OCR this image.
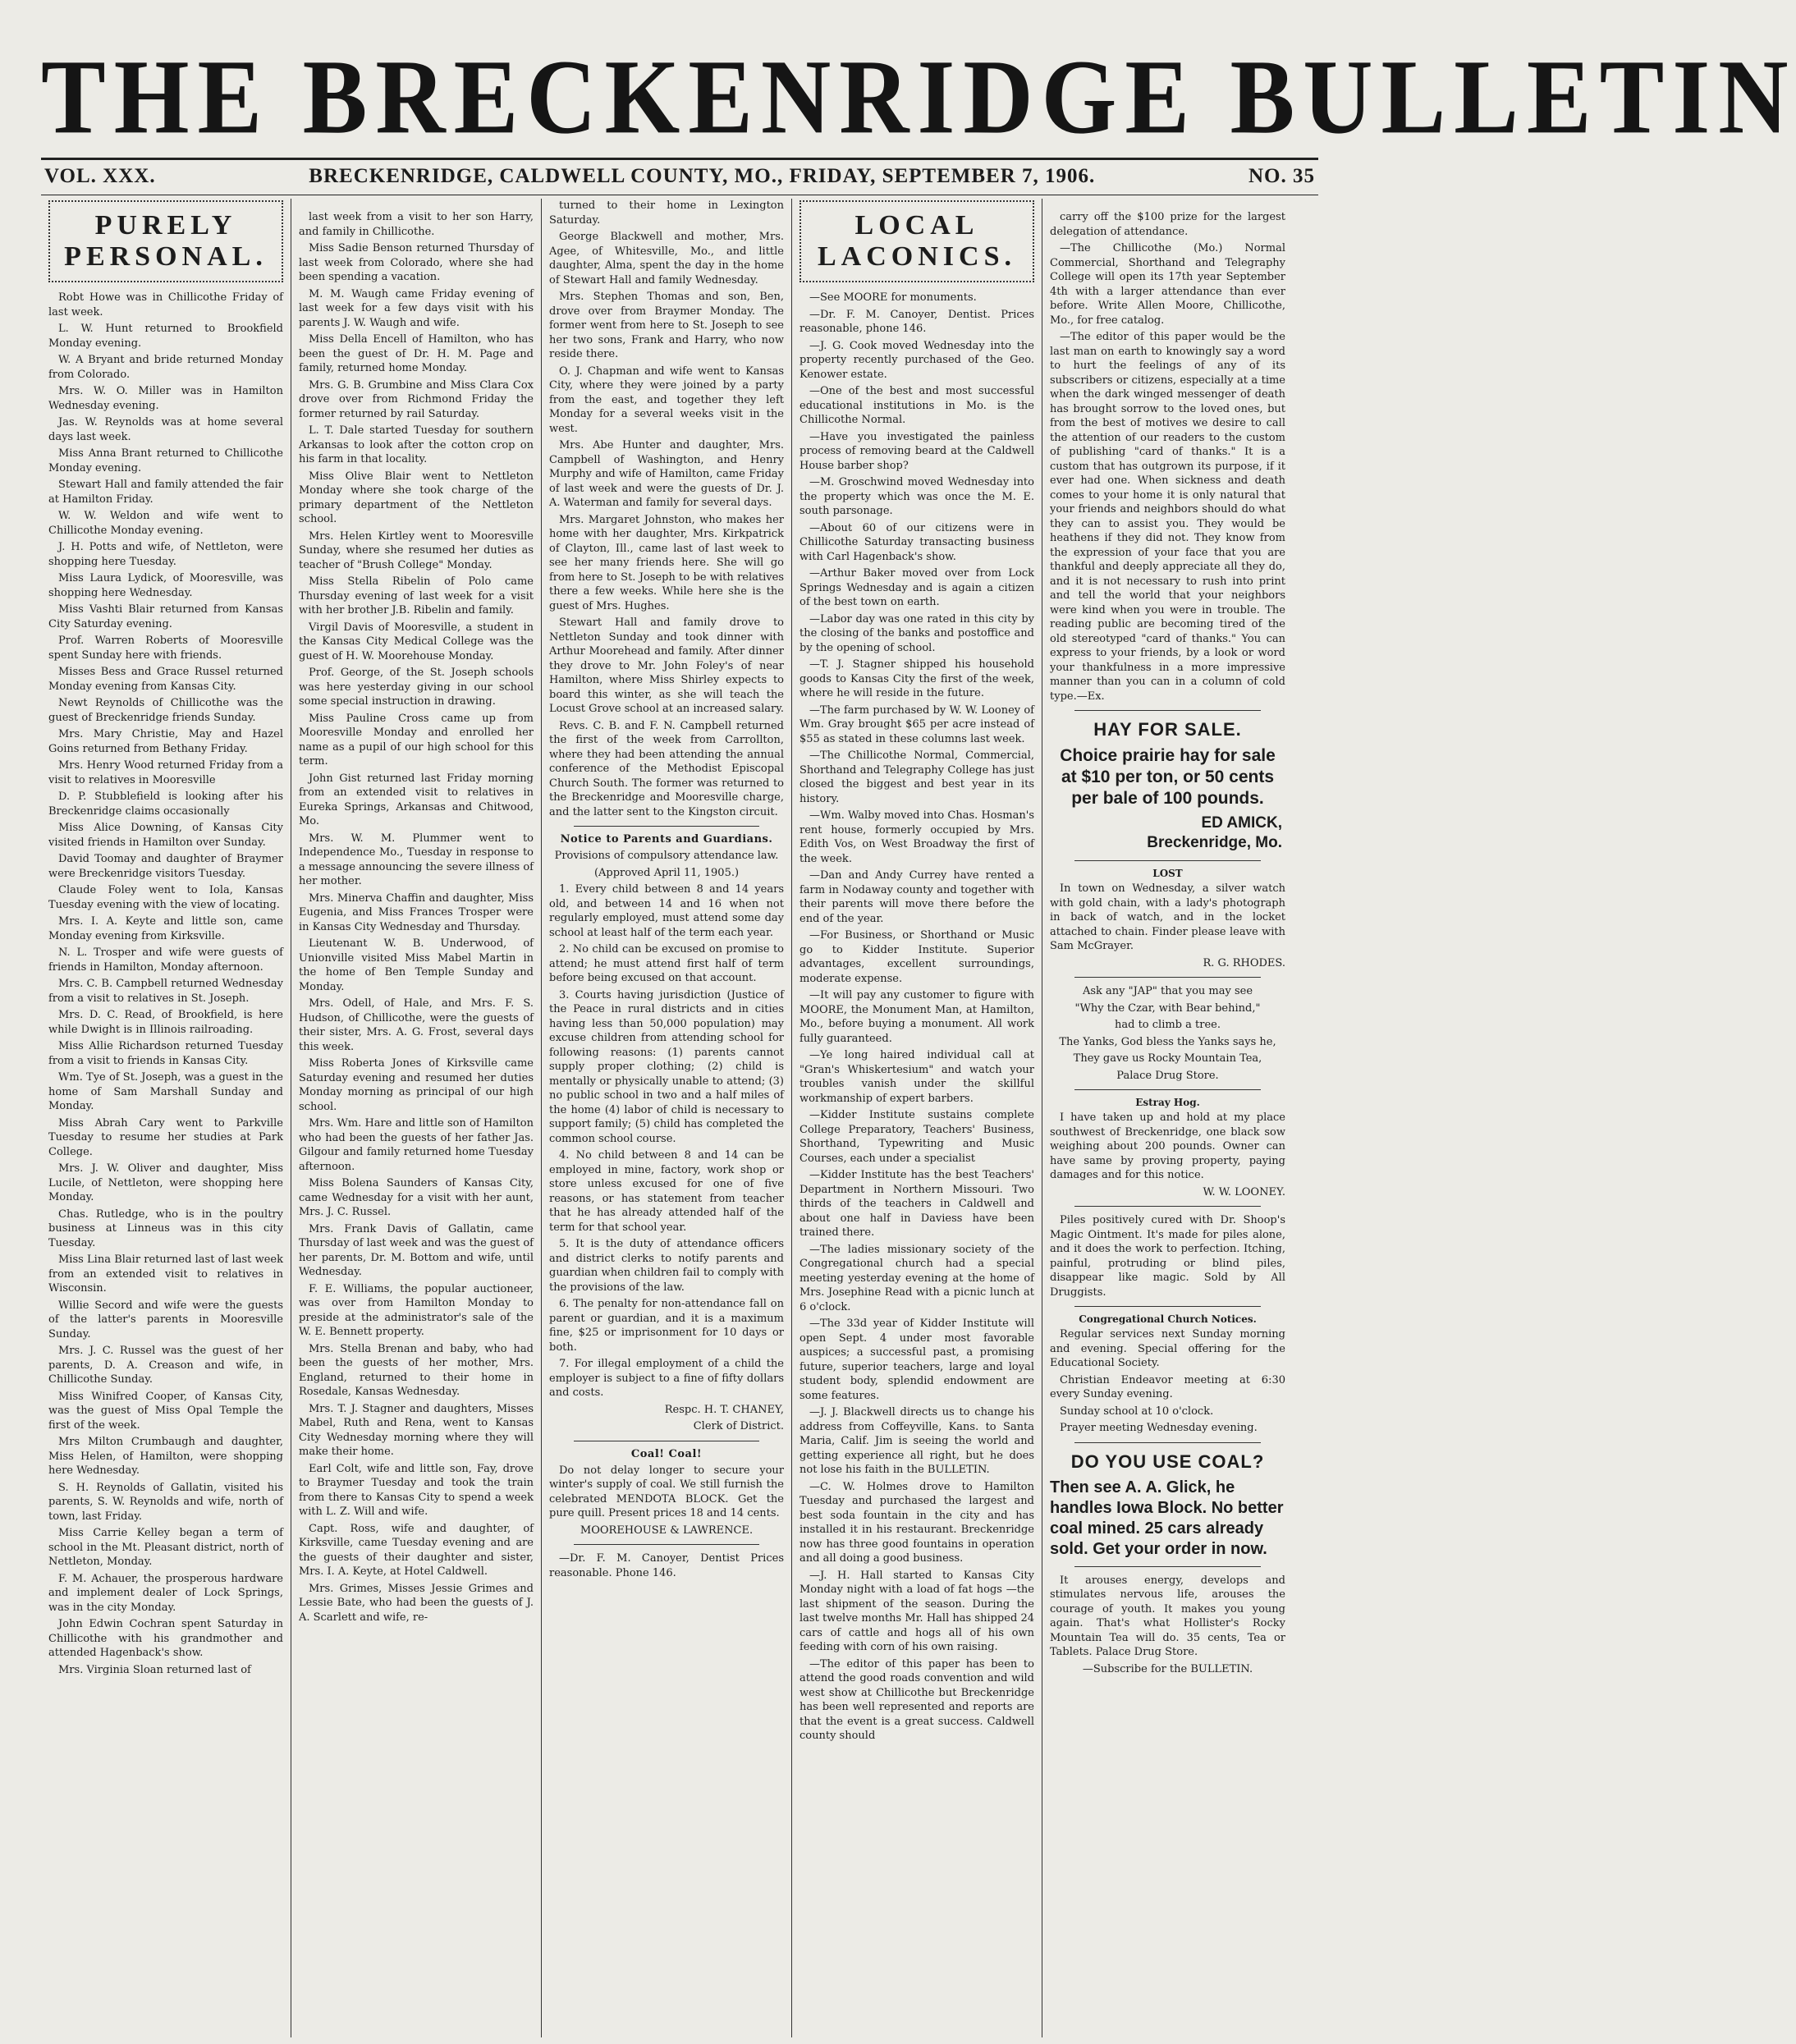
THE BRECKENRIDGE BULLETIN
VOL. XXX.	BRECKENRIDGE, CALDWELL COUNTY, MO., FRIDAY, SEPTEMBER 7, 1906.	NO. 35
PURELY PERSONAL.

Robt Howe was in Chillicothe Friday of last week.

L. W. Hunt returned to Brookfield Monday evening.

W. A Bryant and bride returned Monday from Colorado.

Mrs. W. O. Miller was in Hamilton Wednesday evening.

Jas. W. Reynolds was at home several days last week.

Miss Anna Brant returned to Chillicothe Monday evening.

Stewart Hall and family attended the fair at Hamilton Friday.

W. W. Weldon and wife went to Chillicothe Monday evening.

J. H. Potts and wife, of Nettleton, were shopping here Tuesday.

Miss Laura Lydick, of Mooresville, was shopping here Wednesday.

Miss Vashti Blair returned from Kansas City Saturday evening.

Prof. Warren Roberts of Mooresville spent Sunday here with friends.

Misses Bess and Grace Russel returned Monday evening from Kansas City.

Newt Reynolds of Chillicothe was the guest of Breckenridge friends Sunday.

Mrs. Mary Christie, May and Hazel Goins returned from Bethany Friday.

Mrs. Henry Wood returned Friday from a visit to relatives in Mooresville

D. P. Stubblefield is looking after his Breckenridge claims occasionally

Miss Alice Downing, of Kansas City visited friends in Hamilton over Sunday.

David Toomay and daughter of Braymer were Breckenridge visitors Tuesday.

Claude Foley went to Iola, Kansas Tuesday evening with the view of locating.

Mrs. I. A. Keyte and little son, came Monday evening from Kirksville.

N. L. Trosper and wife were guests of friends in Hamilton, Monday afternoon.

Mrs. C. B. Campbell returned Wednesday from a visit to relatives in St. Joseph.

Mrs. D. C. Read, of Brookfield, is here while Dwight is in Illinois railroading.

Miss Allie Richardson returned Tuesday from a visit to friends in Kansas City.

Wm. Tye of St. Joseph, was a guest in the home of Sam Marshall Sunday and Monday.

Miss Abrah Cary went to Parkville Tuesday to resume her studies at Park College.

Mrs. J. W. Oliver and daughter, Miss Lucile, of Nettleton, were shopping here Monday.

Chas. Rutledge, who is in the poultry business at Linneus was in this city Tuesday.

Miss Lina Blair returned last of last week from an extended visit to relatives in Wisconsin.

Willie Secord and wife were the guests of the latter's parents in Mooresville Sunday.

Mrs. J. C. Russel was the guest of her parents, D. A. Creason and wife, in Chillicothe Sunday.

Miss Winifred Cooper, of Kansas City, was the guest of Miss Opal Temple the first of the week.

Mrs Milton Crumbaugh and daughter, Miss Helen, of Hamilton, were shopping here Wednesday.

S. H. Reynolds of Gallatin, visited his parents, S. W. Reynolds and wife, north of town, last Friday.

Miss Carrie Kelley began a term of school in the Mt. Pleasant district, north of Nettleton, Monday.

F. M. Achauer, the prosperous hardware and implement dealer of Lock Springs, was in the city Monday.

John Edwin Cochran spent Saturday in Chillicothe with his grandmother and attended Hagenback's show.

Mrs. Virginia Sloan returned last of

last week from a visit to her son Harry, and family in Chillicothe.

Miss Sadie Benson returned Thursday of last week from Colorado, where she had been spending a vacation.

M. M. Waugh came Friday evening of last week for a few days visit with his parents J. W. Waugh and wife.

Miss Della Encell of Hamilton, who has been the guest of Dr. H. M. Page and family, returned home Monday.

Mrs. G. B. Grumbine and Miss Clara Cox drove over from Richmond Friday the former returned by rail Saturday.

L. T. Dale started Tuesday for southern Arkansas to look after the cotton crop on his farm in that locality.

Miss Olive Blair went to Nettleton Monday where she took charge of the primary department of the Nettleton school.

Mrs. Helen Kirtley went to Mooresville Sunday, where she resumed her duties as teacher of "Brush College" Monday.

Miss Stella Ribelin of Polo came Thursday evening of last week for a visit with her brother J.B. Ribelin and family.

Virgil Davis of Mooresville, a student in the Kansas City Medical College was the guest of H. W. Moorehouse Monday.

Prof. George, of the St. Joseph schools was here yesterday giving in our school some special instruction in drawing.

Miss Pauline Cross came up from Mooresville Monday and enrolled her name as a pupil of our high school for this term.

John Gist returned last Friday morning from an extended visit to relatives in Eureka Springs, Arkansas and Chitwood, Mo.

Mrs. W. M. Plummer went to Independence Mo., Tuesday in response to a message announcing the severe illness of her mother.

Mrs. Minerva Chaffin and daughter, Miss Eugenia, and Miss Frances Trosper were in Kansas City Wednesday and Thursday.

Lieutenant W. B. Underwood, of Unionville visited Miss Mabel Martin in the home of Ben Temple Sunday and Monday.

Mrs. Odell, of Hale, and Mrs. F. S. Hudson, of Chillicothe, were the guests of their sister, Mrs. A. G. Frost, several days this week.

Miss Roberta Jones of Kirksville came Saturday evening and resumed her duties Monday morning as principal of our high school.

Mrs. Wm. Hare and little son of Hamilton who had been the guests of her father Jas. Gilgour and family returned home Tuesday afternoon.

Miss Bolena Saunders of Kansas City, came Wednesday for a visit with her aunt, Mrs. J. C. Russel.

Mrs. Frank Davis of Gallatin, came Thursday of last week and was the guest of her parents, Dr. M. Bottom and wife, until Wednesday.

F. E. Williams, the popular auctioneer, was over from Hamilton Monday to preside at the administrator's sale of the W. E. Bennett property.

Mrs. Stella Brenan and baby, who had been the guests of her mother, Mrs. England, returned to their home in Rosedale, Kansas Wednesday.

Mrs. T. J. Stagner and daughters, Misses Mabel, Ruth and Rena, went to Kansas City Wednesday morning where they will make their home.

Earl Colt, wife and little son, Fay, drove to Braymer Tuesday and took the train from there to Kansas City to spend a week with L. Z. Will and wife.

Capt. Ross, wife and daughter, of Kirksville, came Tuesday evening and are the guests of their daughter and sister, Mrs. I. A. Keyte, at Hotel Caldwell.

Mrs. Grimes, Misses Jessie Grimes and Lessie Bate, who had been the guests of J. A. Scarlett and wife, re-

turned to their home in Lexington Saturday.

George Blackwell and mother, Mrs. Agee, of Whitesville, Mo., and little daughter, Alma, spent the day in the home of Stewart Hall and family Wednesday.

Mrs. Stephen Thomas and son, Ben, drove over from Braymer Monday. The former went from here to St. Joseph to see her two sons, Frank and Harry, who now reside there.

O. J. Chapman and wife went to Kansas City, where they were joined by a party from the east, and together they left Monday for a several weeks visit in the west.

Mrs. Abe Hunter and daughter, Mrs. Campbell of Washington, and Henry Murphy and wife of Hamilton, came Friday of last week and were the guests of Dr. J. A. Waterman and family for several days.

Mrs. Margaret Johnston, who makes her home with her daughter, Mrs. Kirkpatrick of Clayton, Ill., came last of last week to see her many friends here. She will go from here to St. Joseph to be with relatives there a few weeks. While here she is the guest of Mrs. Hughes.

Stewart Hall and family drove to Nettleton Sunday and took dinner with Arthur Moorehead and family. After dinner they drove to Mr. John Foley's of near Hamilton, where Miss Shirley expects to board this winter, as she will teach the Locust Grove school at an increased salary.

Revs. C. B. and F. N. Campbell returned the first of the week from Carrollton, where they had been attending the annual conference of the Methodist Episcopal Church South. The former was returned to the Breckenridge and Mooresville charge, and the latter sent to the Kingston circuit.

Notice to Parents and Guardians.

Provisions of compulsory attendance law.

(Approved April 11, 1905.)

1. Every child between 8 and 14 years old, and between 14 and 16 when not regularly employed, must attend some day school at least half of the term each year.

2. No child can be excused on promise to attend; he must attend first half of term before being excused on that account.

3. Courts having jurisdiction (Justice of the Peace in rural districts and in cities having less than 50,000 population) may excuse children from attending school for following reasons: (1) parents cannot supply proper clothing; (2) child is mentally or physically unable to attend; (3) no public school in two and a half miles of the home (4) labor of child is necessary to support family; (5) child has completed the common school course.

4. No child between 8 and 14 can be employed in mine, factory, work shop or store unless excused for one of five reasons, or has statement from teacher that he has already attended half of the term for that school year.

5. It is the duty of attendance officers and district clerks to notify parents and guardian when children fail to comply with the provisions of the law.

6. The penalty for non-attendance fall on parent or guardian, and it is a maximum fine, $25 or imprisonment for 10 days or both.

7. For illegal employment of a child the employer is subject to a fine of fifty dollars and costs.

Respc. H. T. CHANEY,

Clerk of District.

Coal! Coal!

Do not delay longer to secure your winter's supply of coal. We still furnish the celebrated MENDOTA BLOCK. Get the pure quill. Present prices 18 and 14 cents.

MOOREHOUSE & LAWRENCE.

—Dr. F. M. Canoyer, Dentist Prices reasonable. Phone 146.

LOCAL LACONICS.

—See MOORE for monuments.

—Dr. F. M. Canoyer, Dentist. Prices reasonable, phone 146.

—J. G. Cook moved Wednesday into the property recently purchased of the Geo. Kenower estate.

—One of the best and most successful educational institutions in Mo. is the Chillicothe Normal.

—Have you investigated the painless process of removing beard at the Caldwell House barber shop?

—M. Groschwind moved Wednesday into the property which was once the M. E. south parsonage.

—About 60 of our citizens were in Chillicothe Saturday transacting business with Carl Hagenback's show.

—Arthur Baker moved over from Lock Springs Wednesday and is again a citizen of the best town on earth.

—Labor day was one rated in this city by the closing of the banks and postoffice and by the opening of school.

—T. J. Stagner shipped his household goods to Kansas City the first of the week, where he will reside in the future.

—The farm purchased by W. W. Looney of Wm. Gray brought $65 per acre instead of $55 as stated in these columns last week.

—The Chillicothe Normal, Commercial, Shorthand and Telegraphy College has just closed the biggest and best year in its history.

—Wm. Walby moved into Chas. Hosman's rent house, formerly occupied by Mrs. Edith Vos, on West Broadway the first of the week.

—Dan and Andy Currey have rented a farm in Nodaway county and together with their parents will move there before the end of the year.

—For Business, or Shorthand or Music go to Kidder Institute. Superior advantages, excellent surroundings, moderate expense.

—It will pay any customer to figure with MOORE, the Monument Man, at Hamilton, Mo., before buying a monument. All work fully guaranteed.

—Ye long haired individual call at "Gran's Whiskertesium" and watch your troubles vanish under the skillful workmanship of expert barbers.

—Kidder Institute sustains complete College Preparatory, Teachers' Business, Shorthand, Typewriting and Music Courses, each under a specialist

—Kidder Institute has the best Teachers' Department in Northern Missouri. Two thirds of the teachers in Caldwell and about one half in Daviess have been trained there.

—The ladies missionary society of the Congregational church had a special meeting yesterday evening at the home of Mrs. Josephine Read with a picnic lunch at 6 o'clock.

—The 33d year of Kidder Institute will open Sept. 4 under most favorable auspices; a successful past, a promising future, superior teachers, large and loyal student body, splendid endowment are some features.

—J. J. Blackwell directs us to change his address from Coffeyville, Kans. to Santa Maria, Calif. Jim is seeing the world and getting experience all right, but he does not lose his faith in the BULLETIN.

—C. W. Holmes drove to Hamilton Tuesday and purchased the largest and best soda fountain in the city and has installed it in his restaurant. Breckenridge now has three good fountains in operation and all doing a good business.

—J. H. Hall started to Kansas City Monday night with a load of fat hogs —the last shipment of the season. During the last twelve months Mr. Hall has shipped 24 cars of cattle and hogs all of his own feeding with corn of his own raising.

—The editor of this paper has been to attend the good roads convention and wild west show at Chillicothe but Breckenridge has been well represented and reports are that the event is a great success. Caldwell county should

carry off the $100 prize for the largest delegation of attendance.

—The Chillicothe (Mo.) Normal Commercial, Shorthand and Telegraphy College will open its 17th year September 4th with a larger attendance than ever before. Write Allen Moore, Chillicothe, Mo., for free catalog.

—The editor of this paper would be the last man on earth to knowingly say a word to hurt the feelings of any of its subscribers or citizens, especially at a time when the dark winged messenger of death has brought sorrow to the loved ones, but from the best of motives we desire to call the attention of our readers to the custom of publishing "card of thanks." It is a custom that has outgrown its purpose, if it ever had one. When sickness and death comes to your home it is only natural that your friends and neighbors should do what they can to assist you. They would be heathens if they did not. They know from the expression of your face that you are thankful and deeply appreciate all they do, and it is not necessary to rush into print and tell the world that your neighbors were kind when you were in trouble. The reading public are becoming tired of the old stereotyped "card of thanks." You can express to your friends, by a look or word your thankfulness in a more impressive manner than you can in a column of cold type.—Ex.

HAY FOR SALE.
Choice prairie hay for sale at $10 per ton, or 50 cents per bale of 100 pounds.
ED AMICK,
Breckenridge, Mo.
LOST

In town on Wednesday, a silver watch with gold chain, with a lady's photograph in back of watch, and in the locket attached to chain. Finder please leave with Sam McGrayer.

R. G. RHODES.

Ask any "JAP" that you may see

"Why the Czar, with Bear behind,"

had to climb a tree.

The Yanks, God bless the Yanks says he,

They gave us Rocky Mountain Tea,

Palace Drug Store.

Estray Hog.

I have taken up and hold at my place southwest of Breckenridge, one black sow weighing about 200 pounds. Owner can have same by proving property, paying damages and for this notice.

W. W. LOONEY.

Piles positively cured with Dr. Shoop's Magic Ointment. It's made for piles alone, and it does the work to perfection. Itching, painful, protruding or blind piles, disappear like magic. Sold by All Druggists.

Congregational Church Notices.

Regular services next Sunday morning and evening. Special offering for the Educational Society.

Christian Endeavor meeting at 6:30 every Sunday evening.

Sunday school at 10 o'clock.

Prayer meeting Wednesday evening.

DO YOU USE COAL?
Then see A. A. Glick, he handles Iowa Block. No better coal mined. 25 cars already sold. Get your order in now.

It arouses energy, develops and stimulates nervous life, arouses the courage of youth. It makes you young again. That's what Hollister's Rocky Mountain Tea will do. 35 cents, Tea or Tablets. Palace Drug Store.

—Subscribe for the BULLETIN.
